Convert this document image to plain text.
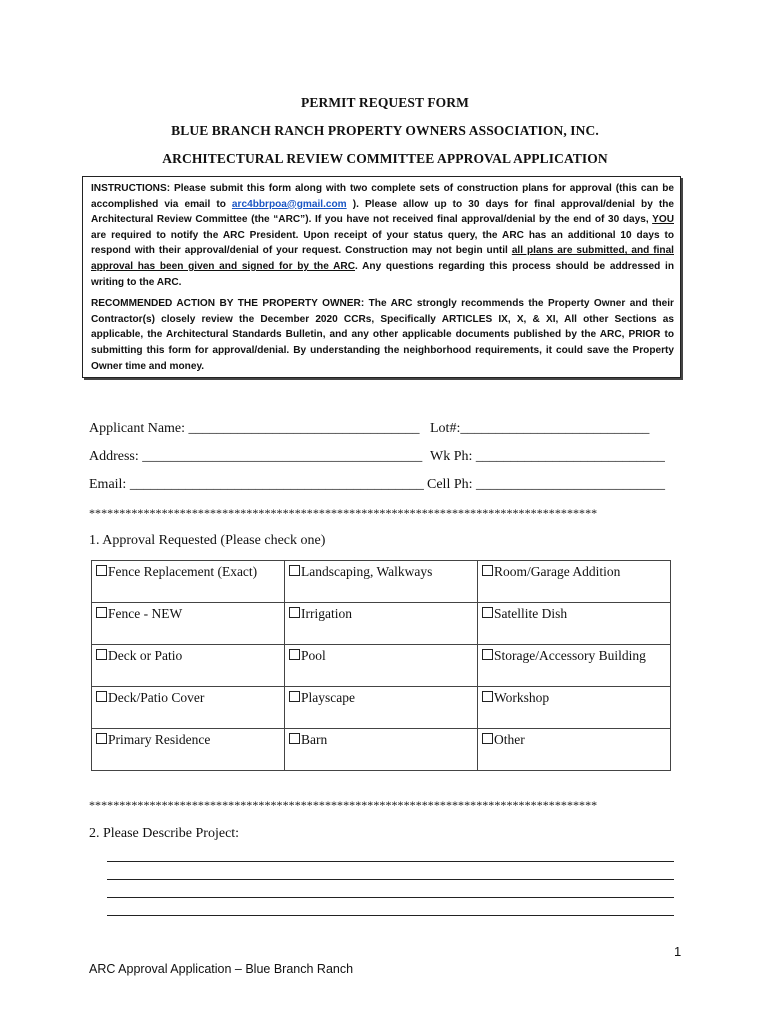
PERMIT REQUEST FORM
BLUE BRANCH RANCH PROPERTY OWNERS ASSOCIATION, INC.
ARCHITECTURAL REVIEW COMMITTEE APPROVAL APPLICATION

INSTRUCTIONS: Please submit this form along with two complete sets of construction plans for approval (this can be accomplished via email to arc4bbrpoa@gmail.com ). Please allow up to 30 days for final approval/denial by the Architectural Review Committee (the “ARC”). If you have not received final approval/denial by the end of 30 days, YOU are required to notify the ARC President. Upon receipt of your status query, the ARC has an additional 10 days to respond with their approval/denial of your request. Construction may not begin until all plans are submitted, and final approval has been given and signed for by the ARC. Any questions regarding this process should be addressed in writing to the ARC.

RECOMMENDED ACTION BY THE PROPERTY OWNER: The ARC strongly recommends the Property Owner and their Contractor(s) closely review the December 2020 CCRs, Specifically ARTICLES IX, X, & XI, All other Sections as applicable, the Architectural Standards Bulletin, and any other applicable documents published by the ARC, PRIOR to submitting this form for approval/denial. By understanding the neighborhood requirements, it could save the Property Owner time and money.

Applicant Name: _________________________________ Lot#:___________________________
Address: ________________________________________ Wk Ph: ___________________________
Email: __________________________________________ Cell Ph: ___________________________
************************************************************************************
1. Approval Requested (Please check one)
Fence Replacement (Exact)	Landscaping, Walkways	Room/Garage Addition
Fence - NEW	Irrigation	Satellite Dish
Deck or Patio	Pool	Storage/Accessory Building
Deck/Patio Cover	Playscape	Workshop
Primary Residence	Barn	Other
************************************************************************************
2. Please Describe Project:
1
ARC Approval Application – Blue Branch Ranch
